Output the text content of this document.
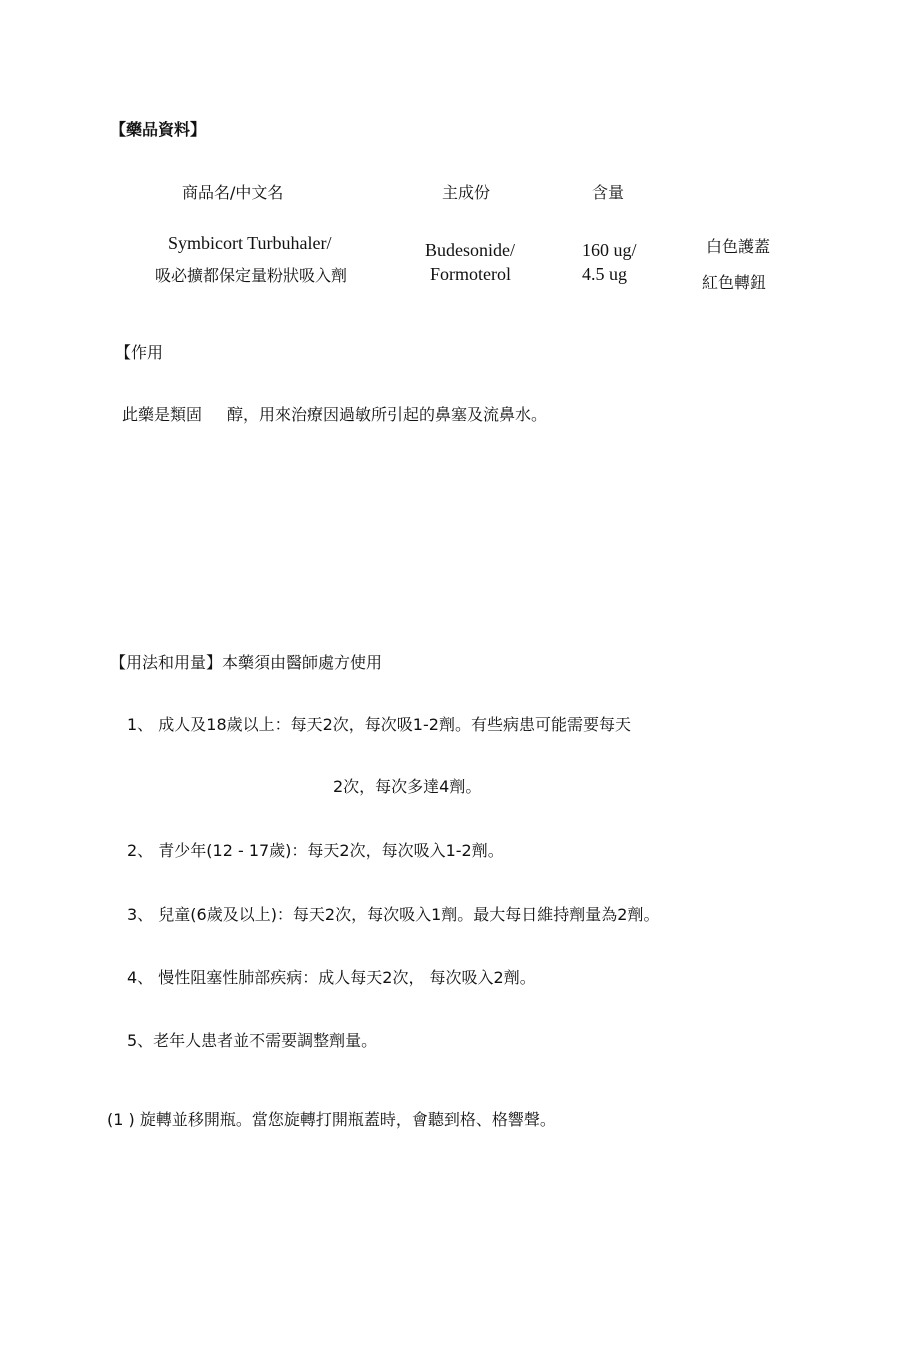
【藥品資料】
商品名/中文名	主成份	含量
Symbicort Turbuhaler/
吸必擴都保定量粉狀吸入劑
Budesonide/
Formoterol
160 ug/
4.5 ug
白色護蓋
紅色轉鈕
【作用
此藥是類固 醇，用來治療因過敏所引起的鼻塞及流鼻水。
【用法和用量】本藥須由醫師處方使用
1、 成人及18歲以上：每天2次，每次吸1-2劑。有些病患可能需要每天
2次，每次多達4劑。
2、 青少年(12 - 17歲)：每天2次，每次吸入1-2劑。
3、 兒童(6歲及以上)：每天2次，每次吸入1劑。最大每日維持劑量為2劑。
4、 慢性阻塞性肺部疾病：成人每天2次， 每次吸入2劑。
5、老年人患者並不需要調整劑量。
(1 ) 旋轉並移開瓶。當您旋轉打開瓶蓋時，會聽到格、格響聲。
